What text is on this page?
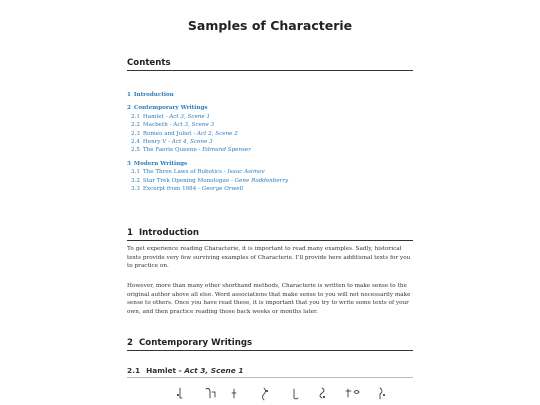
Samples of Characterie
Contents
1 Introduction
2 Contemporary Writings
2.1 Hamlet - Act 3, Scene 1
2.2 Macbeth - Act 3, Scene 3
2.3 Romeo and Juliet - Act 2, Scene 2
2.4 Henry V - Act 4, Scene 3
2.5 The Faerie Queene - Edmund Spenser
3 Modern Writings
3.1 The Three Laws of Robotics - Isaac Asimov
3.2 Star Trek Opening Monologue - Gene Roddenberry
3.3 Excerpt from 1984 - George Orwell
1 Introduction

To get experience reading Characterie, it is important to read many examples. Sadly, historical texts provide very few surviving examples of Characterie. I'll provide here additional texts for you to practice on.

However, more than many other shorthand methods, Characterie is written to make sense to the original author above all else. Word associations that make sense to you will not necessarily make sense to others. Once you have read these, it is important that you try to write some texts of your own, and then practice reading those back weeks or months later.

2 Contemporary Writings
2.1 Hamlet - Act 3, Scene 1
